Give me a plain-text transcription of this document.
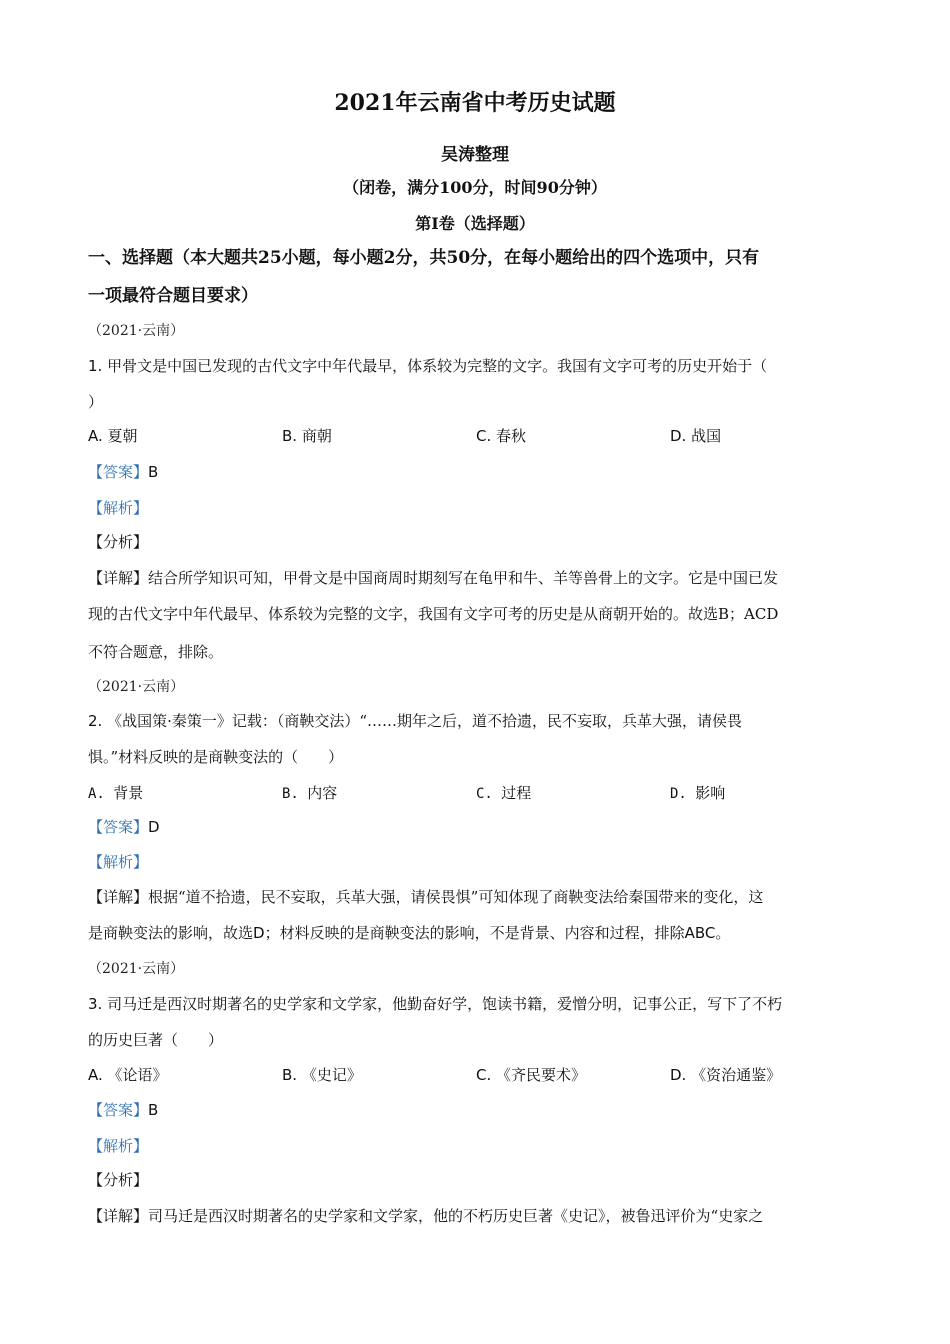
2021年云南省中考历史试题
吴涛整理
（闭卷，满分100分，时间90分钟）
第Ⅰ卷（选择题）
一、选择题（本大题共25小题，每小题2分，共50分，在每小题给出的四个选项中，只有
一项最符合题目要求）
（2021·云南）
1. 甲骨文是中国已发现的古代文字中年代最早，体系较为完整的文字。我国有文字可考的历史开始于（
）
A. 夏朝	B. 商朝	C. 春秋	D. 战国
【答案】B
【解析】
【分析】
【详解】结合所学知识可知，甲骨文是中国商周时期刻写在龟甲和牛、羊等兽骨上的文字。它是中国已发
现的古代文字中年代最早、体系较为完整的文字，我国有文字可考的历史是从商朝开始的。故选B；ACD
不符合题意，排除。
（2021·云南）
2. 《战国策·秦策一》记载：（商鞅交法）“……期年之后，道不拾遗，民不妄取，兵革大强，请侯畏
惧。”材料反映的是商鞅变法的（　　）
A. 背景	B. 内容	C. 过程	D. 影响
【答案】D
【解析】
【详解】根据“道不拾遗，民不妄取，兵革大强，请侯畏惧”可知体现了商鞅变法给秦国带来的变化，这
是商鞅变法的影响，故选D；材料反映的是商鞅变法的影响，不是背景、内容和过程，排除ABC。
（2021·云南）
3. 司马迁是西汉时期著名的史学家和文学家，他勤奋好学，饱读书籍，爱憎分明，记事公正，写下了不朽
的历史巨著（　　）
A. 《论语》	B. 《史记》	C. 《齐民要术》	D. 《资治通鉴》
【答案】B
【解析】
【分析】
【详解】司马迁是西汉时期著名的史学家和文学家，他的不朽历史巨著《史记》，被鲁迅评价为“史家之
